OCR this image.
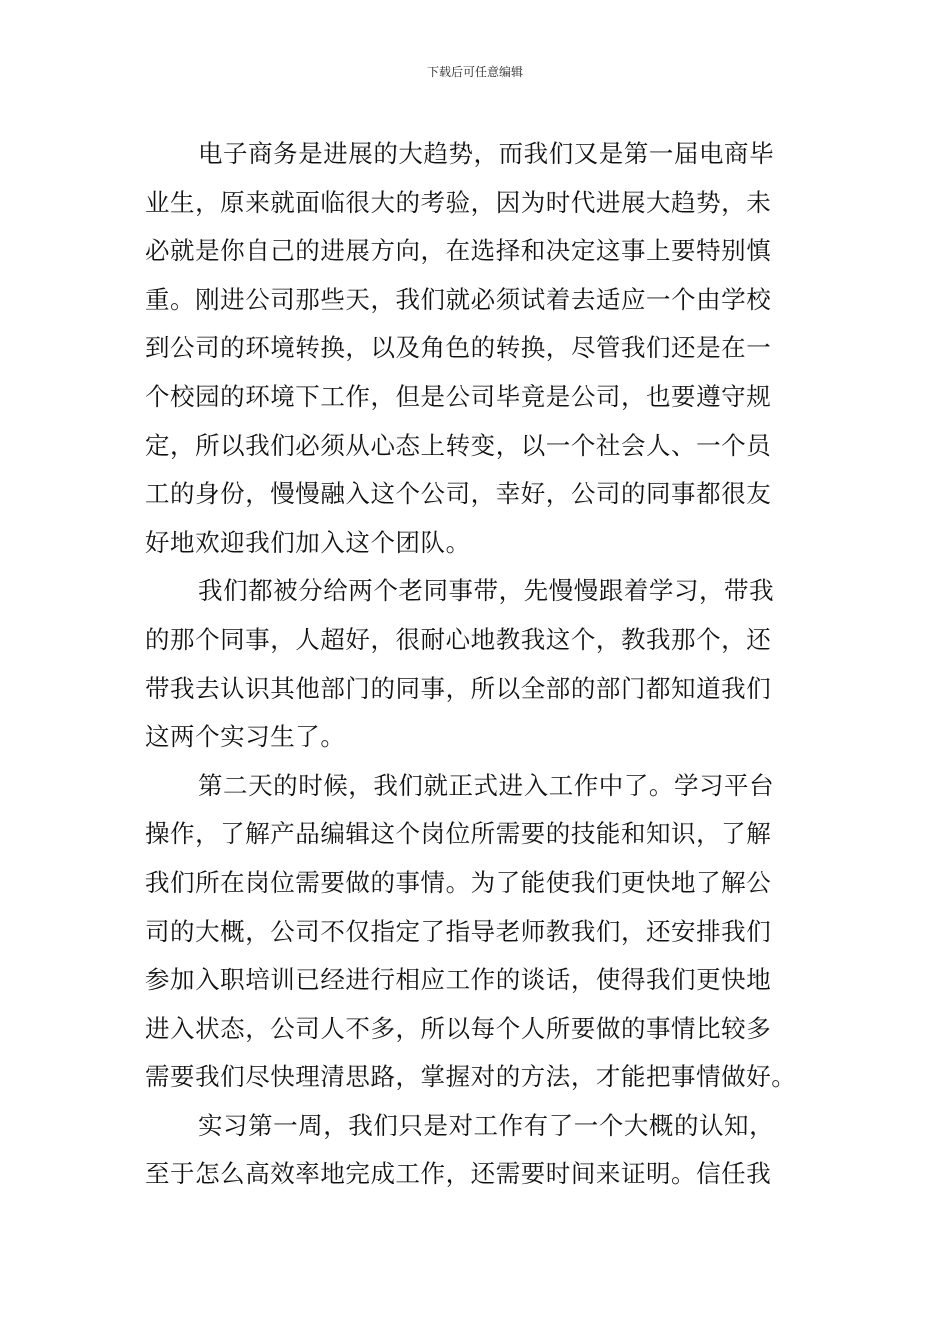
下载后可任意编辑
电子商务是进展的大趋势，而我们又是第一届电商毕
业生，原来就面临很大的考验，因为时代进展大趋势，未
必就是你自己的进展方向，在选择和决定这事上要特别慎
重。刚进公司那些天，我们就必须试着去适应一个由学校
到公司的环境转换，以及角色的转换，尽管我们还是在一
个校园的环境下工作，但是公司毕竟是公司，也要遵守规
定，所以我们必须从心态上转变，以一个社会人、一个员
工的身份，慢慢融入这个公司，幸好，公司的同事都很友
好地欢迎我们加入这个团队。
我们都被分给两个老同事带，先慢慢跟着学习，带我
的那个同事，人超好，很耐心地教我这个，教我那个，还
带我去认识其他部门的同事，所以全部的部门都知道我们
这两个实习生了。
第二天的时候，我们就正式进入工作中了。学习平台
操作，了解产品编辑这个岗位所需要的技能和知识，了解
我们所在岗位需要做的事情。为了能使我们更快地了解公
司的大概，公司不仅指定了指导老师教我们，还安排我们
参加入职培训已经进行相应工作的谈话，使得我们更快地
进入状态，公司人不多，所以每个人所要做的事情比较多
需要我们尽快理清思路，掌握对的方法，才能把事情做好。
实习第一周，我们只是对工作有了一个大概的认知，
至于怎么高效率地完成工作，还需要时间来证明。信任我
